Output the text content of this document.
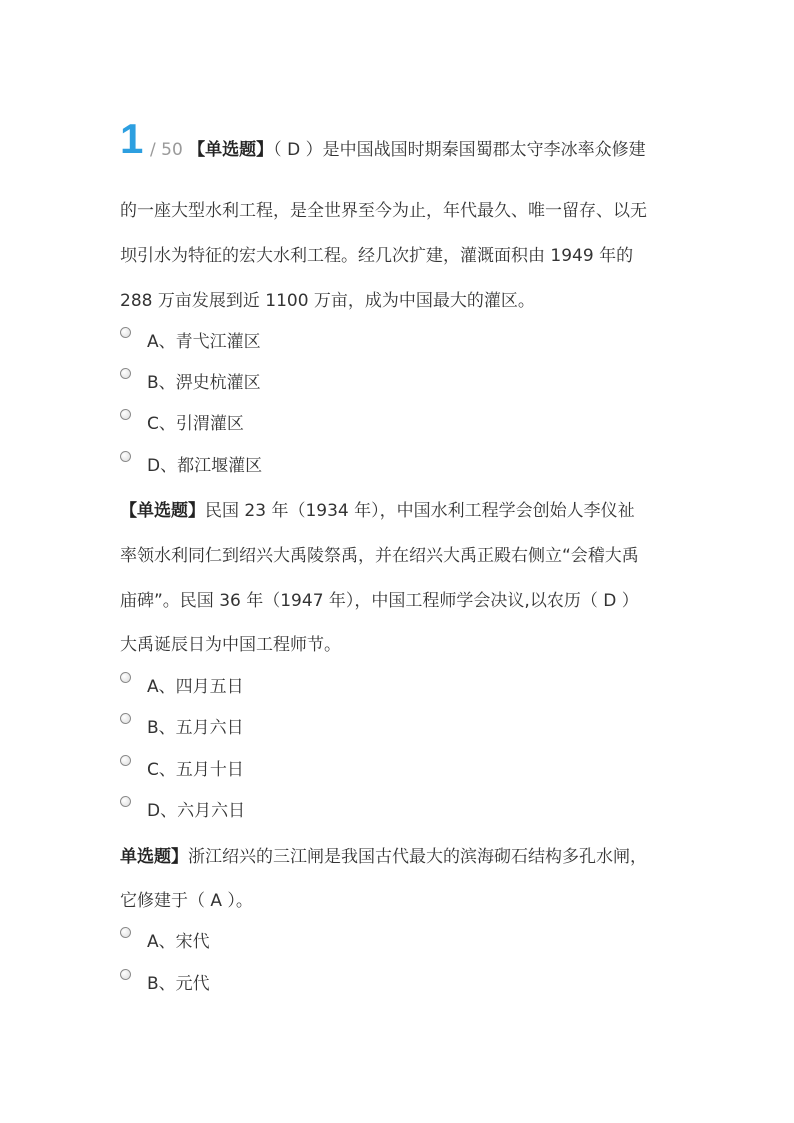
1 / 50 【单选题】（ D ）是中国战国时期秦国蜀郡太守李冰率众修建
的一座大型水利工程，是全世界至今为止，年代最久、唯一留存、以无
坝引水为特征的宏大水利工程。经几次扩建，灌溉面积由 1949 年的
288 万亩发展到近 1100 万亩，成为中国最大的灌区。
A、青弋江灌区
B、淠史杭灌区
C、引渭灌区
D、都江堰灌区
【单选题】民国 23 年（1934 年），中国水利工程学会创始人李仪祉
率领水利同仁到绍兴大禹陵祭禹，并在绍兴大禹正殿右侧立“会稽大禹
庙碑”。民国 36 年（1947 年），中国工程师学会决议,以农历（ D ）
大禹诞辰日为中国工程师节。
A、四月五日
B、五月六日
C、五月十日
D、六月六日
单选题】浙江绍兴的三江闸是我国古代最大的滨海砌石结构多孔水闸，
它修建于（ A ）。
A、宋代
B、元代
